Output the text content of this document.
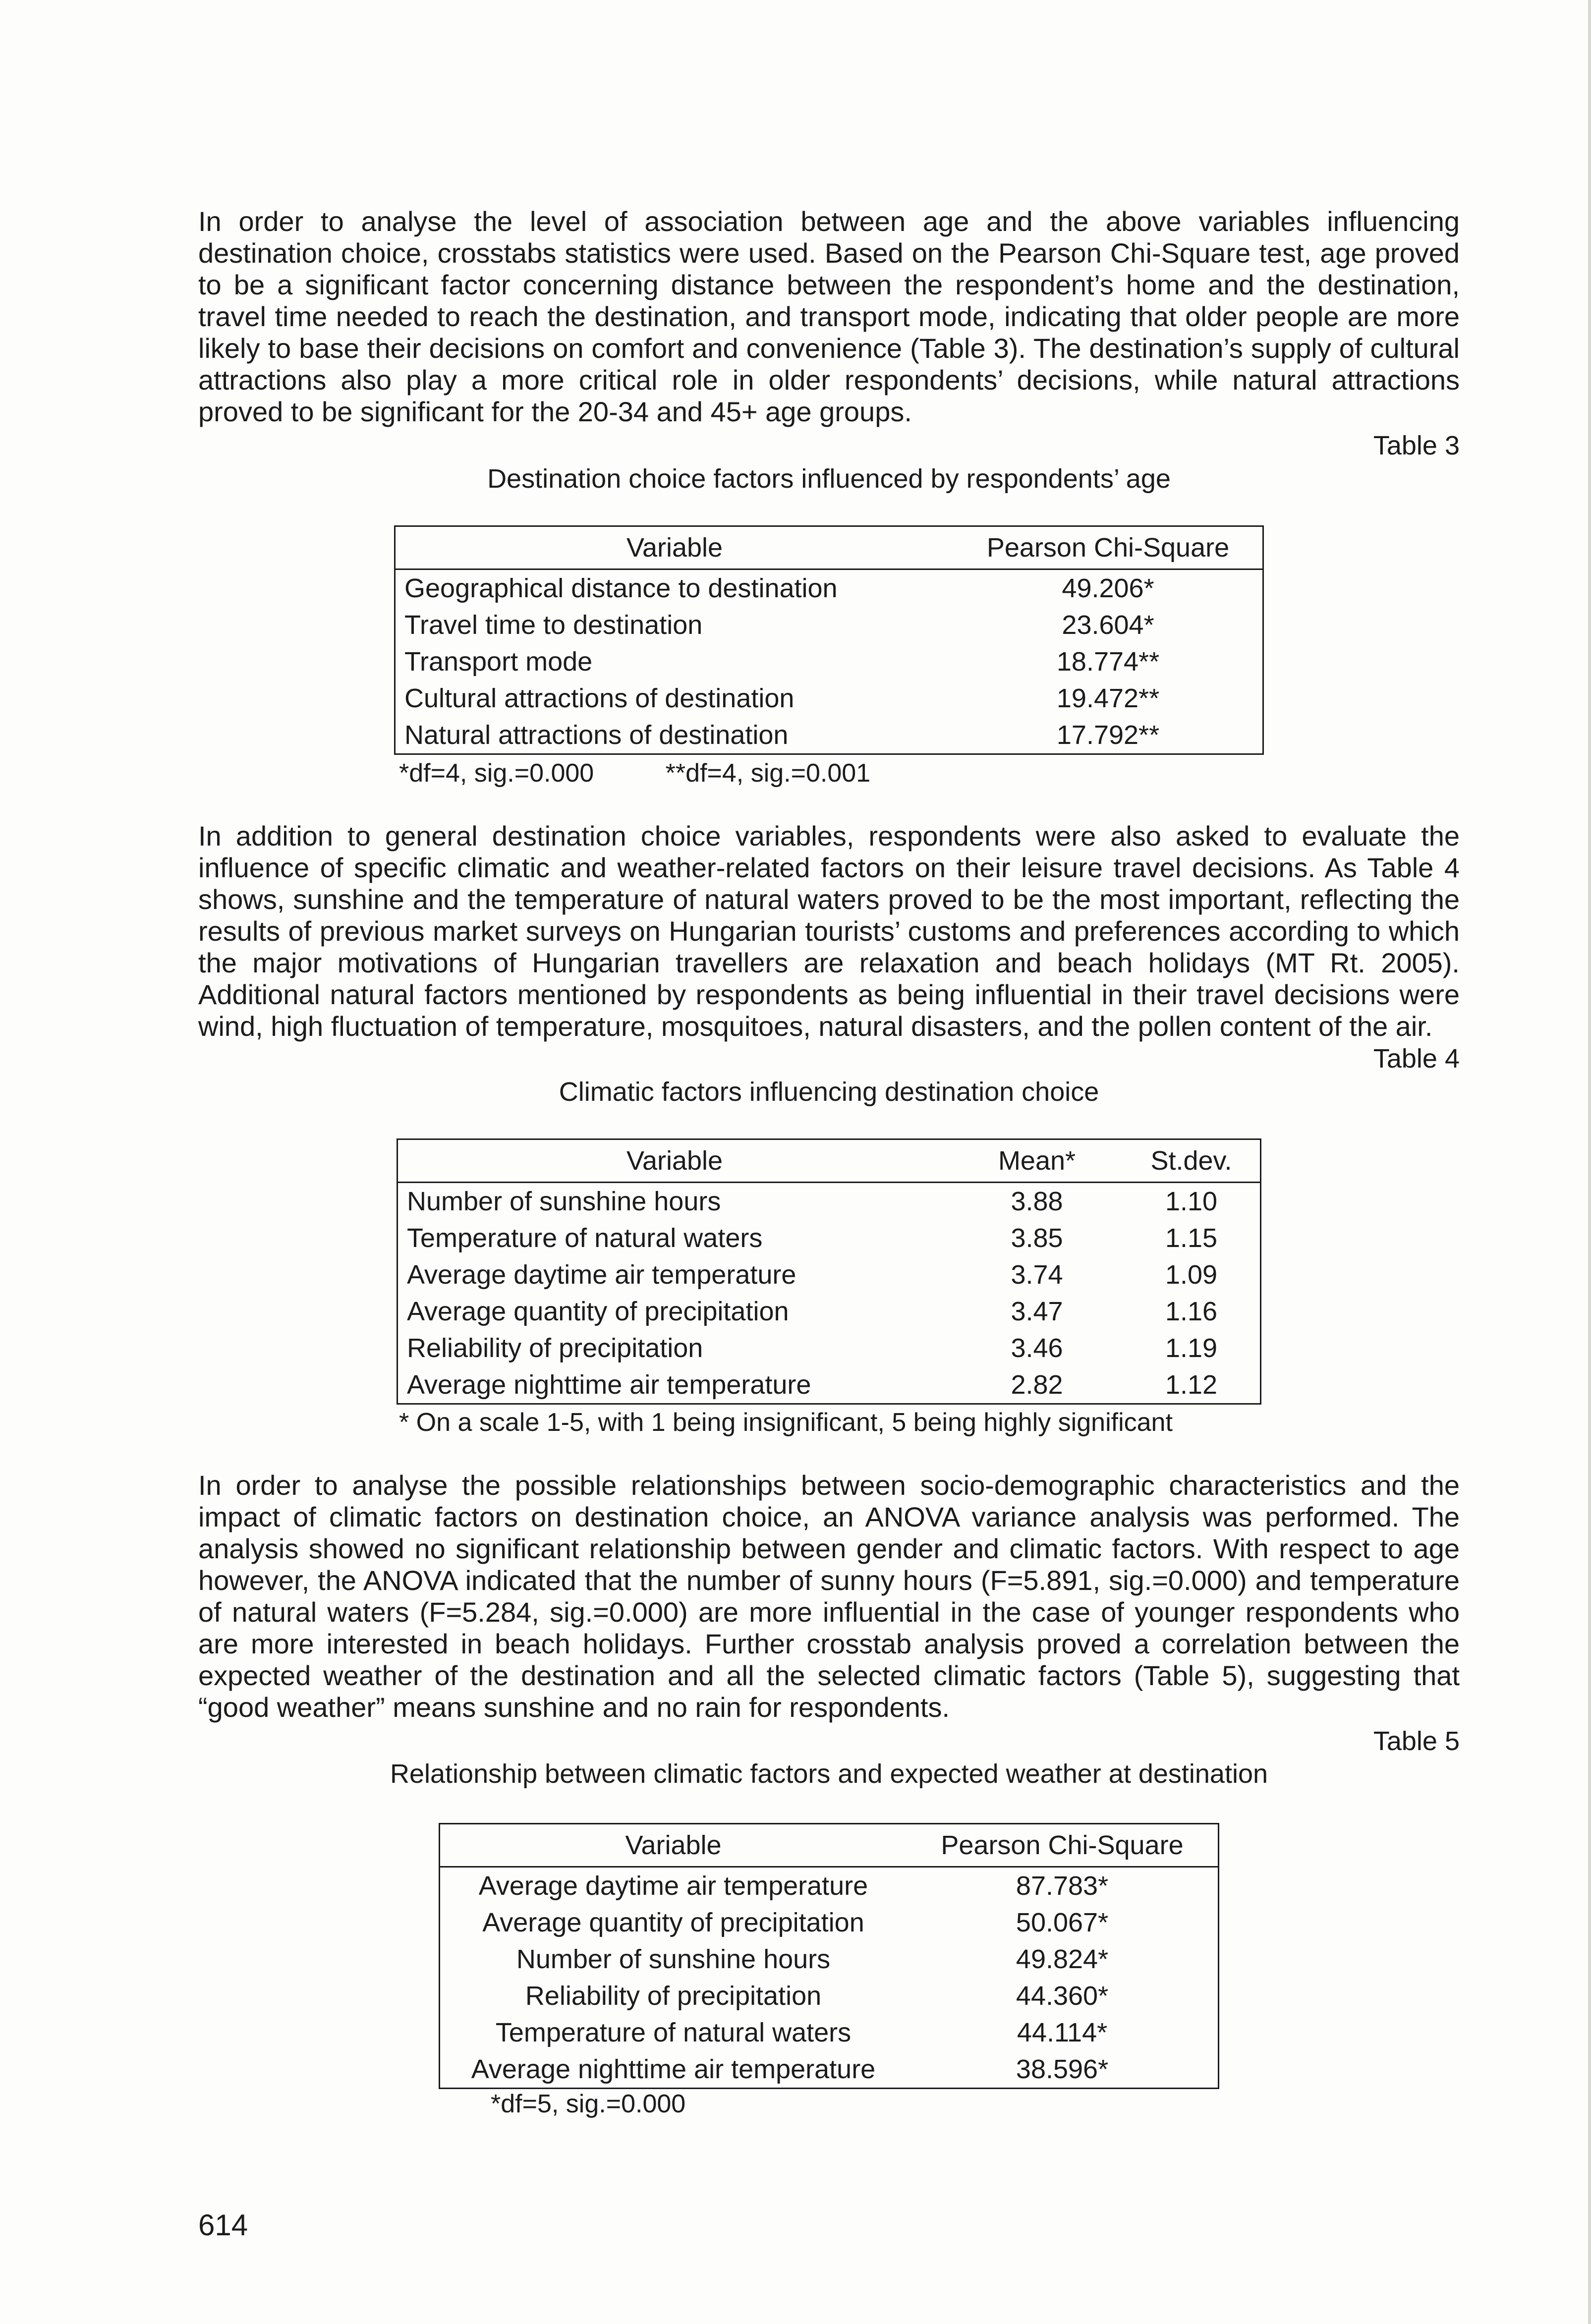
In order to analyse the level of association between age and the above variables influencing destination choice, crosstabs statistics were used. Based on the Pearson Chi-Square test, age proved to be a significant factor concerning distance between the respondent’s home and the destination, travel time needed to reach the destination, and transport mode, indicating that older people are more likely to base their decisions on comfort and convenience (Table 3). The destination’s supply of cultural attractions also play a more critical role in older respondents’ decisions, while natural attractions proved to be significant for the 20-34 and 45+ age groups.

Table 3
Destination choice factors influenced by respondents’ age
Variable	Pearson Chi-Square
Geographical distance to destination	49.206*
Travel time to destination	23.604*
Transport mode	18.774**
Cultural attractions of destination	19.472**
Natural attractions of destination	17.792**
*df=4, sig.=0.000          **df=4, sig.=0.001

In addition to general destination choice variables, respondents were also asked to evaluate the influence of specific climatic and weather-related factors on their leisure travel decisions. As Table 4 shows, sunshine and the temperature of natural waters proved to be the most important, reflecting the results of previous market surveys on Hungarian tourists’ customs and preferences according to which the major motivations of Hungarian travellers are relaxation and beach holidays (MT Rt. 2005). Additional natural factors mentioned by respondents as being influential in their travel decisions were wind, high fluctuation of temperature, mosquitoes, natural disasters, and the pollen content of the air.

Table 4
Climatic factors influencing destination choice
Variable	Mean*	St.dev.
Number of sunshine hours	3.88	1.10
Temperature of natural waters	3.85	1.15
Average daytime air temperature	3.74	1.09
Average quantity of precipitation	3.47	1.16
Reliability of precipitation	3.46	1.19
Average nighttime air temperature	2.82	1.12
* On a scale 1-5, with 1 being insignificant, 5 being highly significant

In order to analyse the possible relationships between socio-demographic characteristics and the impact of climatic factors on destination choice, an ANOVA variance analysis was performed. The analysis showed no significant relationship between gender and climatic factors. With respect to age however, the ANOVA indicated that the number of sunny hours (F=5.891, sig.=0.000) and temperature of natural waters (F=5.284, sig.=0.000) are more influential in the case of younger respondents who are more interested in beach holidays. Further crosstab analysis proved a correlation between the expected weather of the destination and all the selected climatic factors (Table 5), suggesting that “good weather” means sunshine and no rain for respondents.

Table 5
Relationship between climatic factors and expected weather at destination
Variable	Pearson Chi-Square
Average daytime air temperature	87.783*
Average quantity of precipitation	50.067*
Number of sunshine hours	49.824*
Reliability of precipitation	44.360*
Temperature of natural waters	44.114*
Average nighttime air temperature	38.596*
*df=5, sig.=0.000
614
